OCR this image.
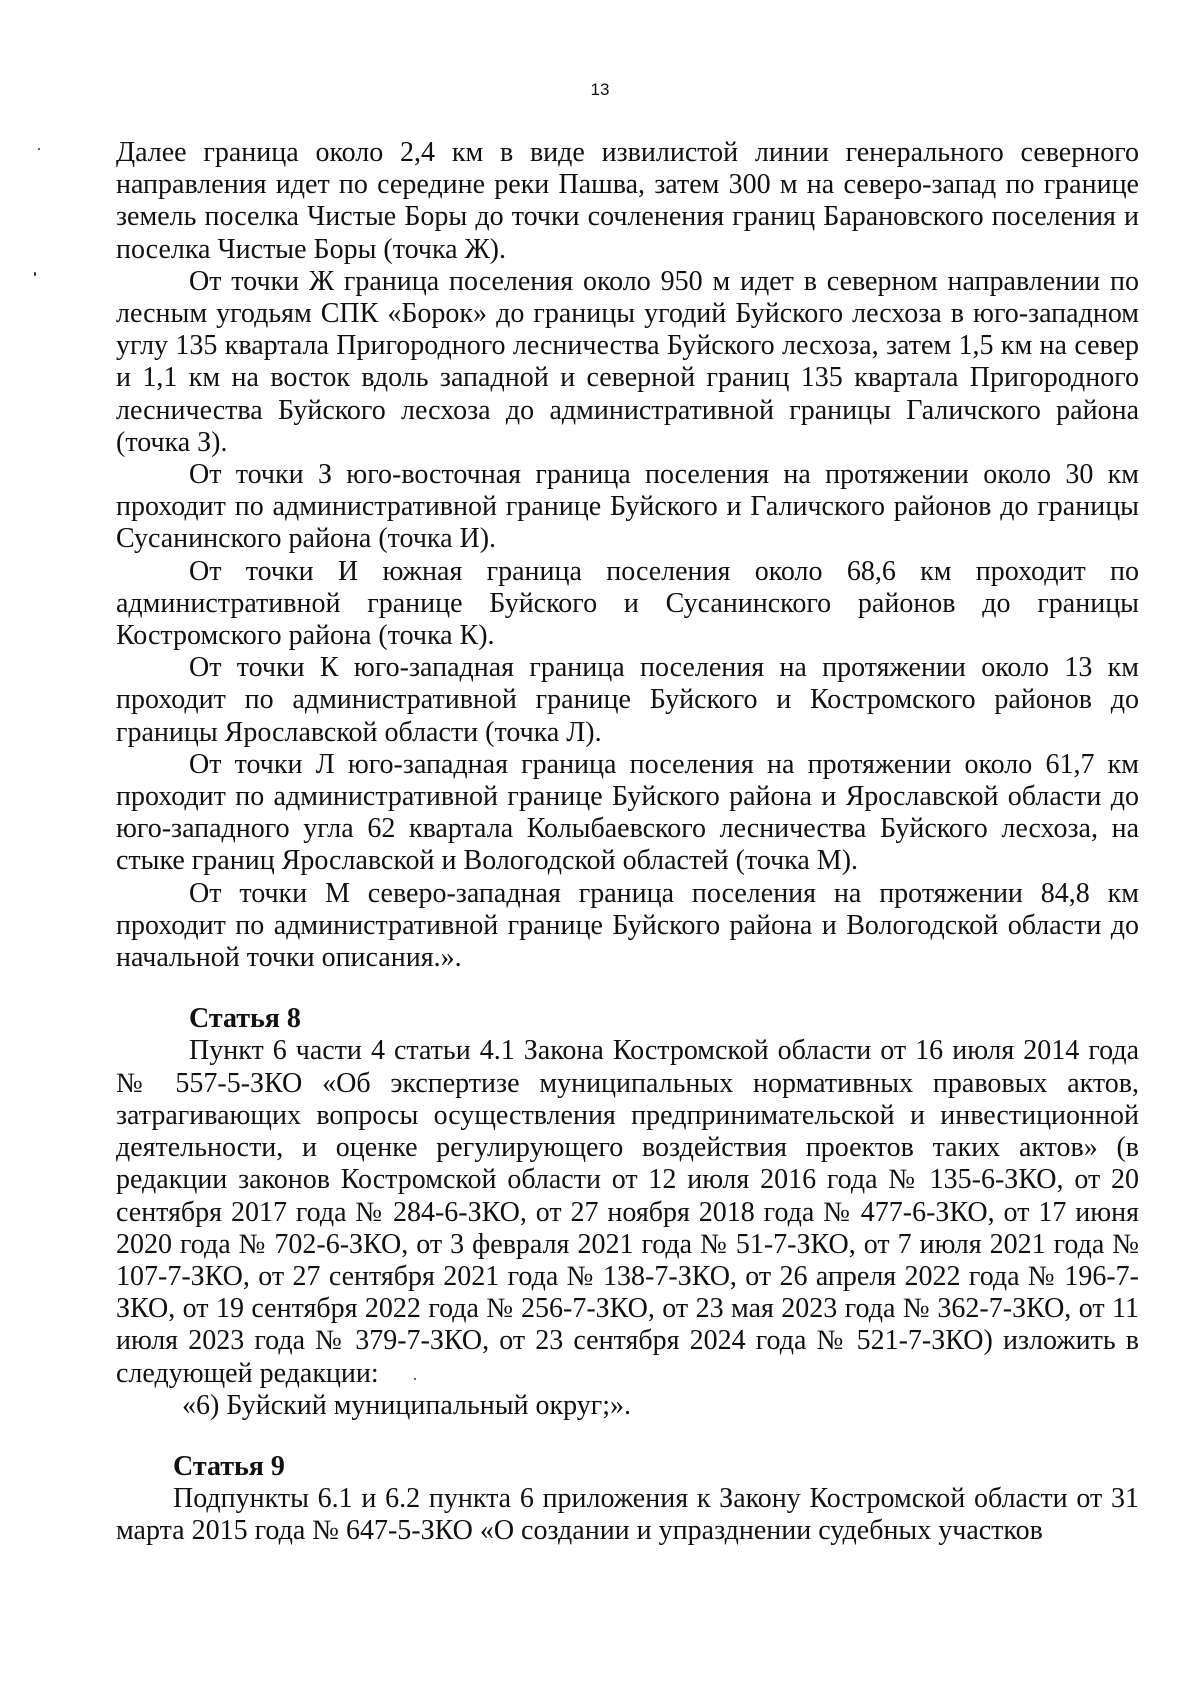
13

Далее граница около 2,4 км в виде извилистой линии генерального северного направления идет по середине реки Пашва, затем 300 м на северо-запад по границе земель поселка Чистые Боры до точки сочленения границ Барановского поселения и поселка Чистые Боры (точка Ж).

От точки Ж граница поселения около 950 м идет в северном направлении по лесным угодьям СПК «Борок» до границы угодий Буйского лесхоза в юго-западном углу 135 квартала Пригородного лесничества Буйского лесхоза, затем 1,5 км на север и 1,1 км на восток вдоль западной и северной границ 135 квартала Пригородного лесничества Буйского лесхоза до административной границы Галичского района (точка З).

От точки З юго-восточная граница поселения на протяжении около 30 км проходит по административной границе Буйского и Галичского районов до границы Сусанинского района (точка И).

От точки И южная граница поселения около 68,6 км проходит по административной границе Буйского и Сусанинского районов до границы Костромского района (точка К).

От точки К юго-западная граница поселения на протяжении около 13 км проходит по административной границе Буйского и Костромского районов до границы Ярославской области (точка Л).

От точки Л юго-западная граница поселения на протяжении около 61,7 км проходит по административной границе Буйского района и Ярославской области до юго-западного угла 62 квартала Колыбаевского лесничества Буйского лесхоза, на стыке границ Ярославской и Вологодской областей (точка М).

От точки М северо-западная граница поселения на протяжении 84,8 км проходит по административной границе Буйского района и Вологодской области до начальной точки описания.».

Статья 8

Пункт 6 части 4 статьи 4.1 Закона Костромской области от 16 июля 2014 года № 557-5-ЗКО «Об экспертизе муниципальных нормативных правовых актов, затрагивающих вопросы осуществления предпринимательской и инвестиционной деятельности, и оценке регулирующего воздействия проектов таких актов» (в редакции законов Костромской области от 12 июля 2016 года № 135-6-ЗКО, от 20 сентября 2017 года № 284-6-ЗКО, от 27 ноября 2018 года № 477-6-ЗКО, от 17 июня 2020 года № 702-6-ЗКО, от 3 февраля 2021 года № 51-7-ЗКО, от 7 июля 2021 года № 107-7-ЗКО, от 27 сентября 2021 года № 138-7-ЗКО, от 26 апреля 2022 года № 196-7-ЗКО, от 19 сентября 2022 года № 256-7-ЗКО, от 23 мая 2023 года № 362-7-ЗКО, от 11 июля 2023 года № 379-7-ЗКО, от 23 сентября 2024 года № 521-7-ЗКО) изложить в следующей редакции:

«6) Буйский муниципальный округ;».

Статья 9

Подпункты 6.1 и 6.2 пункта 6 приложения к Закону Костромской области от 31 марта 2015 года № 647-5-ЗКО «О создании и упразднении судебных участков
